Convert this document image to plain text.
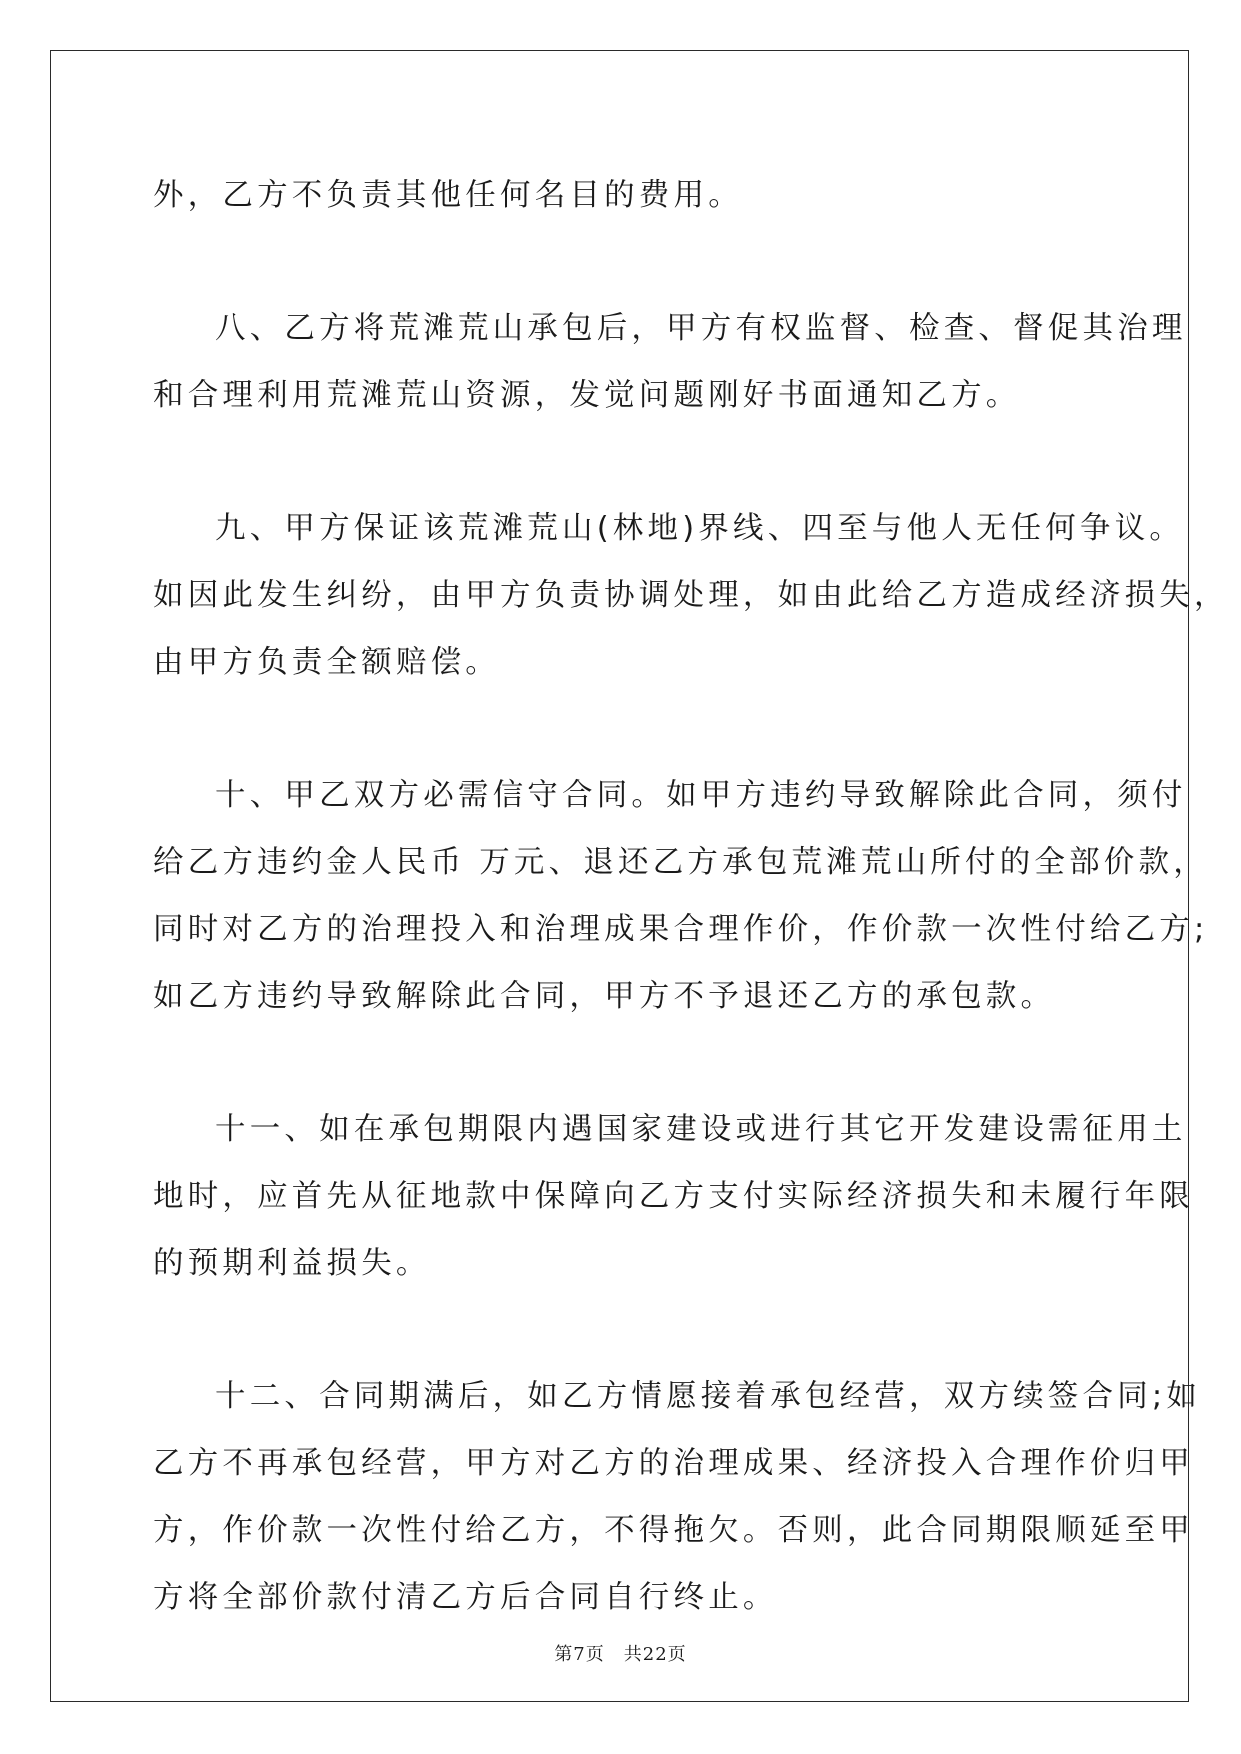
外，乙方不负责其他任何名目的费用。
八、乙方将荒滩荒山承包后，甲方有权监督、检查、督促其治理
和合理利用荒滩荒山资源，发觉问题刚好书面通知乙方。
九、甲方保证该荒滩荒山(林地)界线、四至与他人无任何争议。
如因此发生纠纷，由甲方负责协调处理，如由此给乙方造成经济损失，
由甲方负责全额赔偿。
十、甲乙双方必需信守合同。如甲方违约导致解除此合同，须付
给乙方违约金人民币 万元、退还乙方承包荒滩荒山所付的全部价款，
同时对乙方的治理投入和治理成果合理作价，作价款一次性付给乙方;
如乙方违约导致解除此合同，甲方不予退还乙方的承包款。
十一、如在承包期限内遇国家建设或进行其它开发建设需征用土
地时，应首先从征地款中保障向乙方支付实际经济损失和未履行年限
的预期利益损失。
十二、合同期满后，如乙方情愿接着承包经营，双方续签合同;如
乙方不再承包经营，甲方对乙方的治理成果、经济投入合理作价归甲
方，作价款一次性付给乙方，不得拖欠。否则，此合同期限顺延至甲
方将全部价款付清乙方后合同自行终止。
第7页　共22页
